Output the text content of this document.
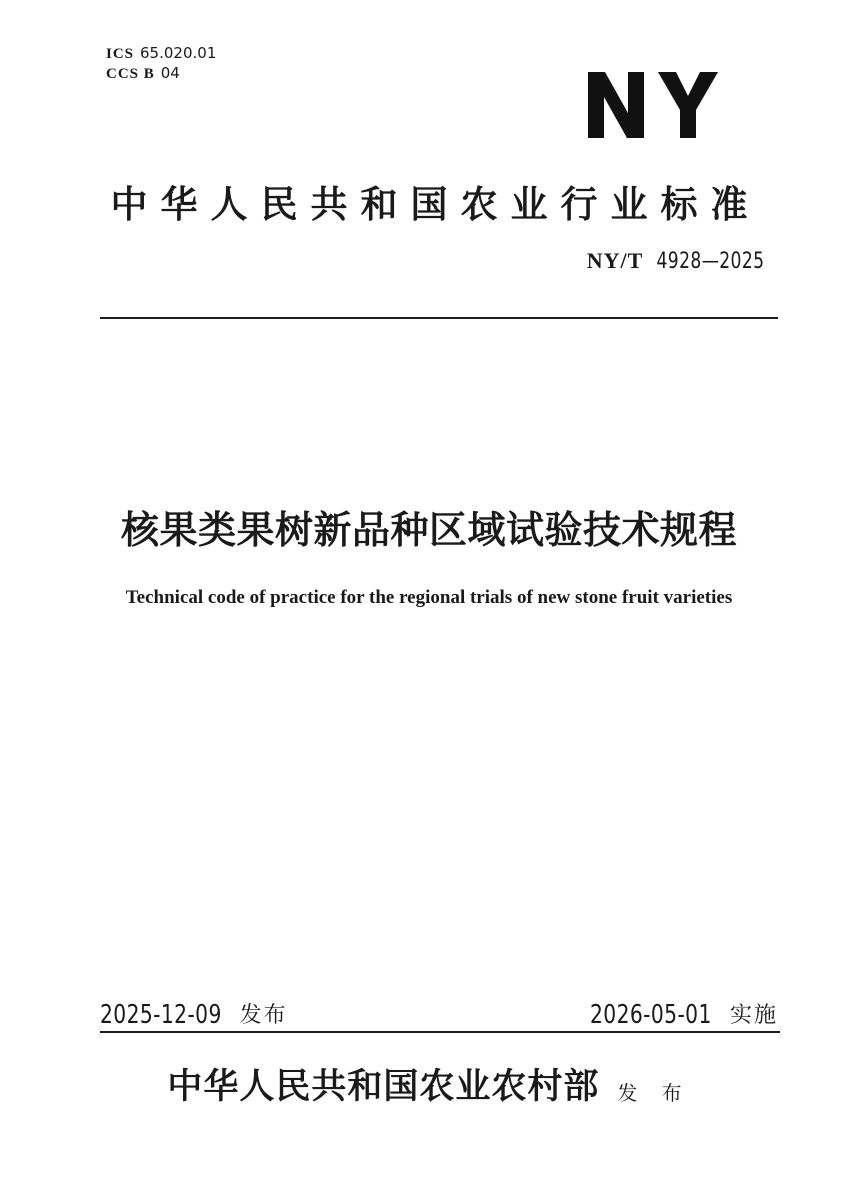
ICS 65.020.01
CCS B 04
中华人民共和国农业行业标准
NY/T 4928—2025
核果类果树新品种区域试验技术规程
Technical code of practice for the regional trials of new stone fruit varieties
2025-12-09 发布	2026-05-01 实施
中华人民共和国农业农村部 发 布
